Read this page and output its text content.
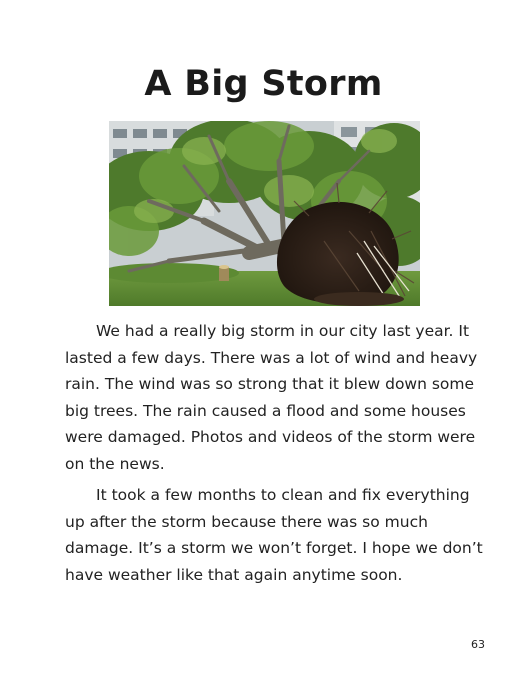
A Big Storm
We had a really big storm in our city last year. It
lasted a few days. There was a lot of wind and heavy
rain. The wind was so strong that it blew down some
big trees. The rain caused a flood and some houses
were damaged. Photos and videos of the storm were
on the news.
It took a few months to clean and fix everything
up after the storm because there was so much
damage. It’s a storm we won’t forget. I hope we don’t
have weather like that again anytime soon.
63
